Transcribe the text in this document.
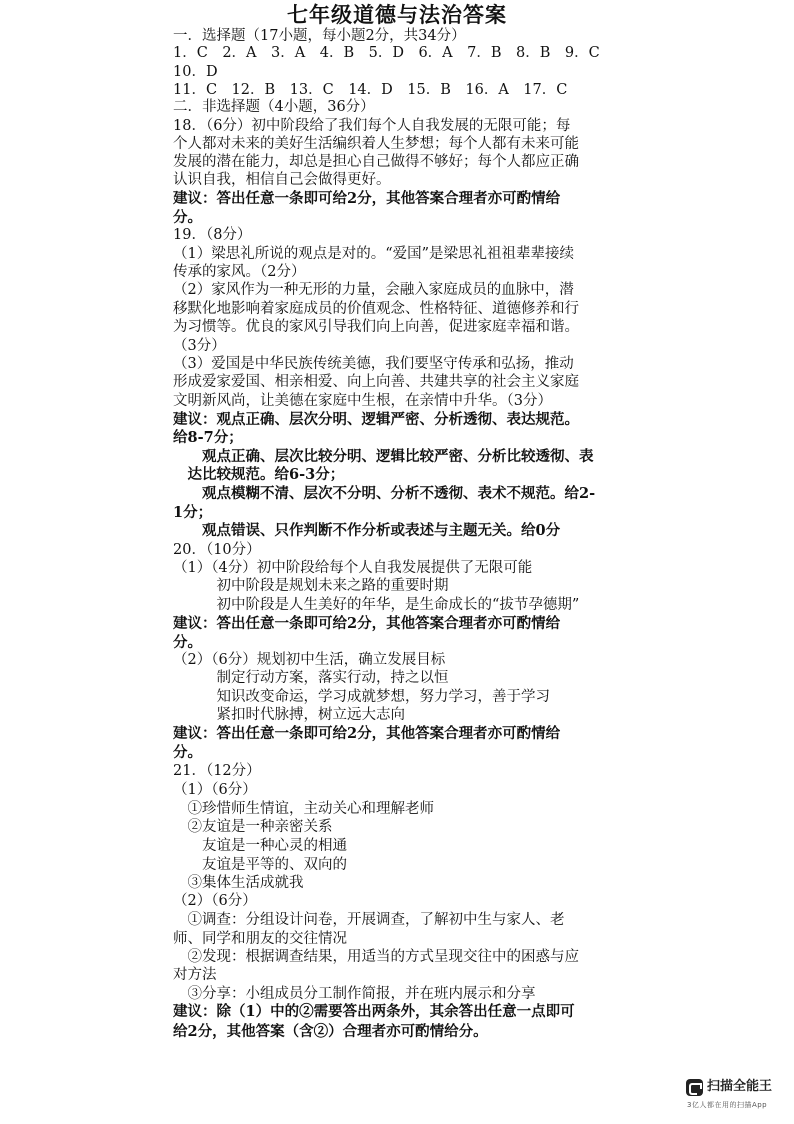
七年级道德与法治答案
一．选择题（17小题，每小题2分，共34分）
1．C　2．A　3．A　4．B　5．D　6．A　7．B　8．B　9．C
10．D
11．C　12．B　13．C　14．D　15．B　16．A　17．C
二．非选择题（4小题，36分）
18．（6分）初中阶段给了我们每个人自我发展的无限可能；每
个人都对未来的美好生活编织着人生梦想；每个人都有未来可能
发展的潜在能力，却总是担心自己做得不够好；每个人都应正确
认识自我，相信自己会做得更好。
建议：答出任意一条即可给2分，其他答案合理者亦可酌情给
分。
19．（8分）
（1）梁思礼所说的观点是对的。“爱国”是梁思礼祖祖辈辈接续
传承的家风。（2分）
（2）家风作为一种无形的力量，会融入家庭成员的血脉中，潜
移默化地影响着家庭成员的价值观念、性格特征、道德修养和行
为习惯等。优良的家风引导我们向上向善，促进家庭幸福和谐。
（3分）
（3）爱国是中华民族传统美德，我们要坚守传承和弘扬，推动
形成爱家爱国、相亲相爱、向上向善、共建共享的社会主义家庭
文明新风尚，让美德在家庭中生根，在亲情中升华。（3分）
建议：观点正确、层次分明、逻辑严密、分析透彻、表达规范。
给8-7分；
　　观点正确、层次比较分明、逻辑比较严密、分析比较透彻、表
　达比较规范。给6-3分；
　　观点模糊不清、层次不分明、分析不透彻、表术不规范。给2-
1分；
　　观点错误、只作判断不作分析或表述与主题无关。给0分
20．（10分）
（1）（4分）初中阶段给每个人自我发展提供了无限可能
　　　初中阶段是规划未来之路的重要时期
　　　初中阶段是人生美好的年华，是生命成长的“拔节孕德期”
建议：答出任意一条即可给2分，其他答案合理者亦可酌情给
分。
（2）（6分）规划初中生活，确立发展目标
　　　制定行动方案，落实行动，持之以恒
　　　知识改变命运，学习成就梦想，努力学习，善于学习
　　　紧扣时代脉搏，树立远大志向
建议：答出任意一条即可给2分，其他答案合理者亦可酌情给
分。
21．（12分）
（1）（6分）
　①珍惜师生情谊，主动关心和理解老师
　②友谊是一种亲密关系
　　友谊是一种心灵的相通
　　友谊是平等的、双向的
　③集体生活成就我
（2）（6分）
　①调查：分组设计问卷，开展调查，了解初中生与家人、老
师、同学和朋友的交往情况
　②发现：根据调查结果，用适当的方式呈现交往中的困惑与应
对方法
　③分享：小组成员分工制作简报，并在班内展示和分享
建议：除（1）中的②需要答出两条外，其余答出任意一点即可
给2分，其他答案（含②）合理者亦可酌情给分。
扫描全能王
3亿人都在用的扫描App
